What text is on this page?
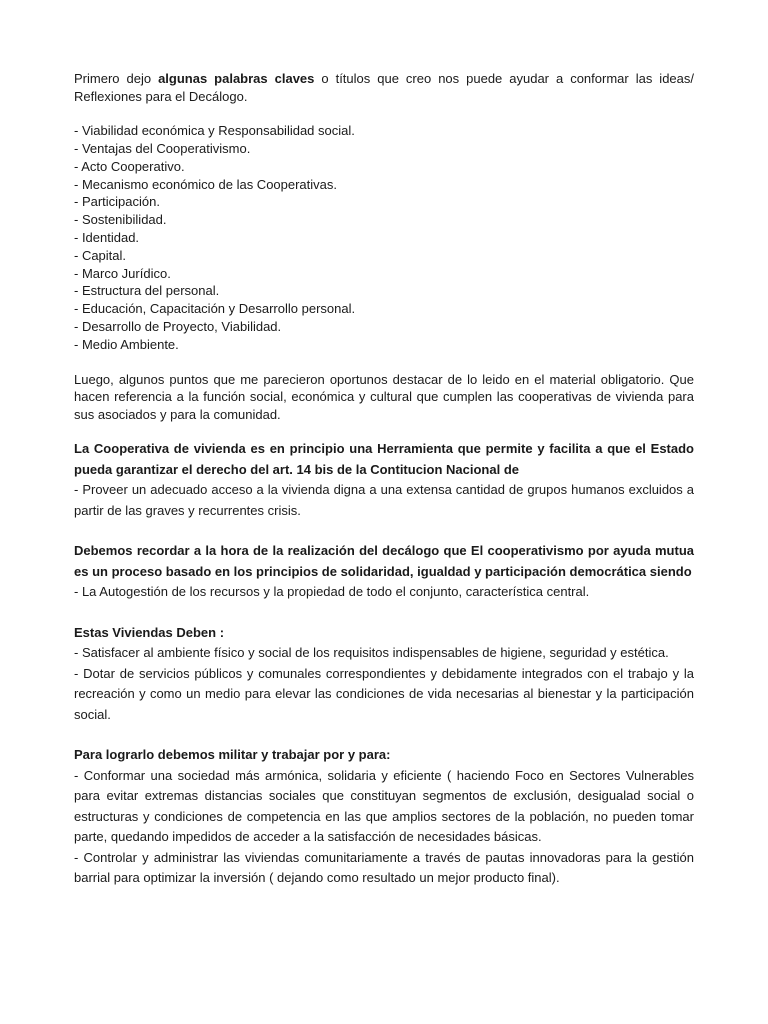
Primero dejo algunas palabras claves o títulos que creo nos puede ayudar a conformar las ideas/ Reflexiones para el Decálogo.

- Viabilidad económica y Responsabilidad social.
- Ventajas del Cooperativismo.
- Acto Cooperativo.
- Mecanismo económico de las Cooperativas.
- Participación.
- Sostenibilidad.
- Identidad.
- Capital.
- Marco Jurídico.
- Estructura del personal.
- Educación, Capacitación y Desarrollo personal.
- Desarrollo de Proyecto, Viabilidad.
- Medio Ambiente.

Luego, algunos puntos que me parecieron oportunos destacar de lo leido en el material obligatorio. Que hacen referencia a la función social, económica y cultural que cumplen las cooperativas de vivienda para sus asociados y para la comunidad.

La Cooperativa de vivienda es en principio una Herramienta que permite y facilita a que el Estado pueda garantizar el derecho del art. 14 bis de la Contitucion Nacional de

- Proveer un adecuado acceso a la vivienda digna a una extensa cantidad de grupos humanos excluidos a partir de las graves y recurrentes crisis.

Debemos recordar a la hora de la realización del decálogo que El cooperativismo por ayuda mutua es un proceso basado en los principios de solidaridad, igualdad y participación democrática siendo

- La Autogestión de los recursos y la propiedad de todo el conjunto, característica central.

Estas Viviendas Deben :

- Satisfacer al ambiente físico y social de los requisitos indispensables de higiene, seguridad y estética.

- Dotar de servicios públicos y comunales correspondientes y debidamente integrados con el trabajo y la recreación y como un medio para elevar las condiciones de vida necesarias al bienestar y la participación social.

Para lograrlo debemos militar y trabajar por y para:

- Conformar una sociedad más armónica, solidaria y eficiente ( haciendo Foco en Sectores Vulnerables para evitar extremas distancias sociales que constituyan segmentos de exclusión, desigualad social o estructuras y condiciones de competencia en las que amplios sectores de la población, no pueden tomar parte, quedando impedidos de acceder a la satisfacción de necesidades básicas.

- Controlar y administrar las viviendas comunitariamente a través de pautas innovadoras para la gestión barrial para optimizar la inversión ( dejando como resultado un mejor producto final).
